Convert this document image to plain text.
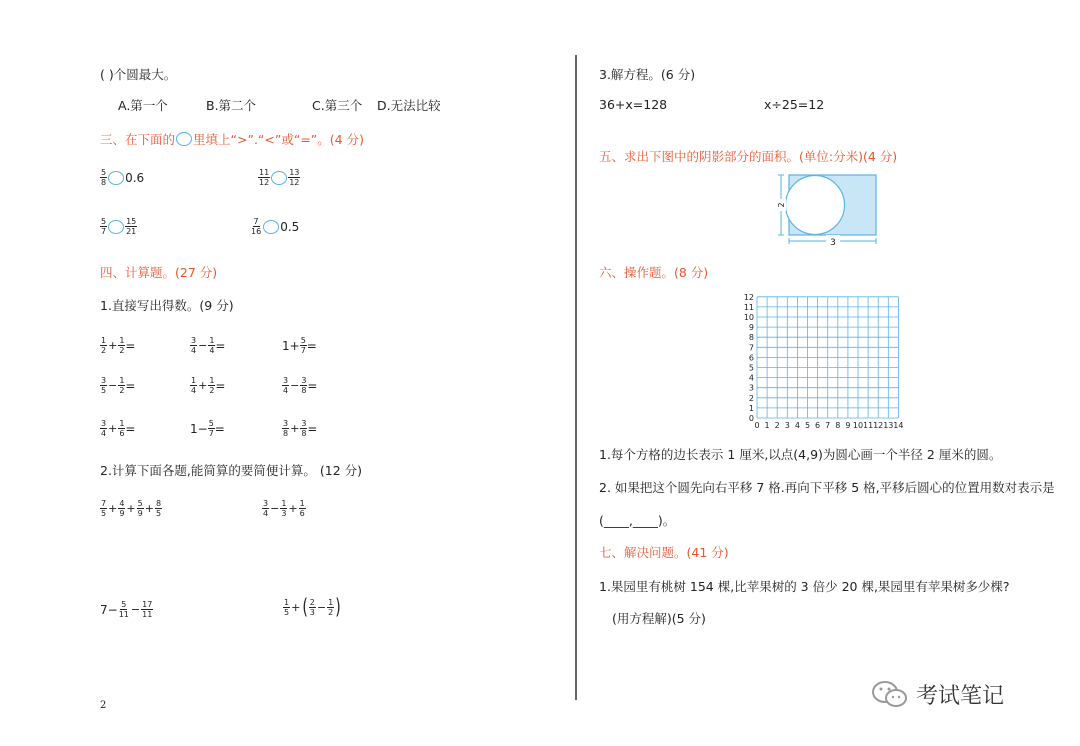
( )个圆最大。
A.第一个	B.第二个	C.第三个 D.无法比较
三、在下面的 里填上“>”.“<”或“=”。(4 分)
$\frac{5}{8} 0.6$	$\frac{11}{12} \frac{13}{12}$
$\frac{5}{7} \frac{15}{21}$	$\frac{7}{16} 0.5$
四、计算题。(27 分)
1.直接写出得数。(9 分)
$\frac{1}{2} + \frac{1}{2}$ =	$\frac{3}{4} - \frac{1}{4}$ =	$1+ \frac{5}{7}$ =
$\frac{3}{5} - \frac{1}{2}$ =	$\frac{1}{4} + \frac{1}{2}$ =	$\frac{3}{4} - \frac{3}{8}$ =
$\frac{3}{4} + \frac{1}{6}$ =	$1- \frac{5}{7}$ =	$\frac{3}{8} + \frac{3}{8}$ =
2.计算下面各题,能简算的要简便计算。 (12 分)
$\frac{7}{5} + \frac{4}{9} + \frac{5}{9} + \frac{8}{5}$	$\frac{3}{4} - \frac{1}{3} + \frac{1}{6}$
$7- \frac{5}{11} - \frac{17}{11}$	$\frac{1}{5}$ + ( $\frac{2}{3} - \frac{1}{2}$ )
2
3.解方程。(6 分)
36+x=128	x÷25=12
五、求出下图中的阴影部分的面积。(单位:分米)(4 分)
3
2
六、操作题。(8 分)
0 1 2 3 4 5 6 7 8 9 10 11 12 13 14
0
1
2
3
4
5
6
7
8
9
10
11
12
1.每个方格的边长表示 1 厘米,以点(4,9)为圆心画一个半径 2 厘米的圆。
2. 如果把这个圆先向右平移 7 格.再向下平移 5 格,平移后圆心的位置用数对表示是
(____,____)。
七、解决问题。(41 分)
1.果园里有桃树 154 棵,比苹果树的 3 倍少 20 棵,果园里有苹果树多少棵?
(用方程解)(5 分)
考试笔记
